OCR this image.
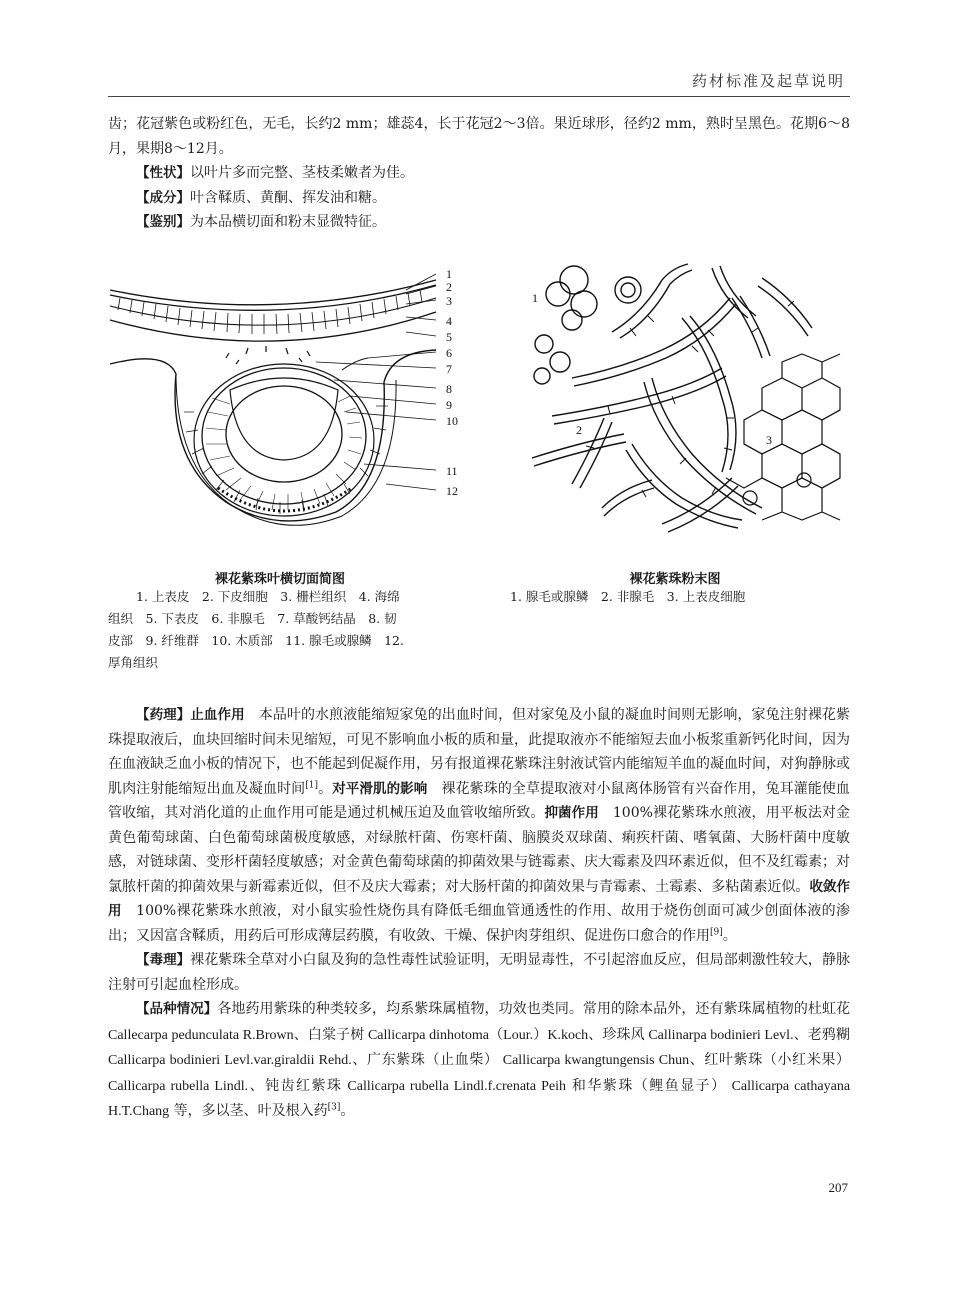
药材标准及起草说明

齿；花冠紫色或粉红色，无毛，长约2 mm；雄蕊4，长于花冠2～3倍。果近球形，径约2 mm，熟时呈黑色。花期6～8月，果期8～12月。

【性状】以叶片多而完整、茎枝柔嫩者为佳。

【成分】叶含鞣质、黄酮、挥发油和糖。

【鉴别】为本品横切面和粉末显微特征。

1
2
3
4
5
6
7
8
9
10
11
12
裸花紫珠叶横切面简图
1. 上表皮　2. 下皮细胞　3. 栅栏组织　4. 海绵
组织　5. 下表皮　6. 非腺毛　7. 草酸钙结晶　8. 韧
皮部　9. 纤维群　10. 木质部　11. 腺毛或腺鳞　12.
厚角组织
1
2
3
裸花紫珠粉末图
1. 腺毛或腺鳞　2. 非腺毛　3. 上表皮细胞

【药理】止血作用　本品叶的水煎液能缩短家兔的出血时间，但对家兔及小鼠的凝血时间则无影响，家兔注射裸花紫珠提取液后，血块回缩时间未见缩短，可见不影响血小板的质和量，此提取液亦不能缩短去血小板浆重新钙化时间，因为在血液缺乏血小板的情况下，也不能起到促凝作用，另有报道裸花紫珠注射液试管内能缩短羊血的凝血时间，对狗静脉或肌肉注射能缩短出血及凝血时间[1]。对平滑肌的影响　裸花紫珠的全草提取液对小鼠离体肠管有兴奋作用，兔耳灌能使血管收缩，其对消化道的止血作用可能是通过机械压迫及血管收缩所致。抑菌作用　100%裸花紫珠水煎液，用平板法对金黄色葡萄球菌、白色葡萄球菌极度敏感，对绿脓杆菌、伤寒杆菌、脑膜炎双球菌、痢疾杆菌、嗜氧菌、大肠杆菌中度敏感，对链球菌、变形杆菌轻度敏感；对金黄色葡萄球菌的抑菌效果与链霉素、庆大霉素及四环素近似，但不及红霉素；对氯脓杆菌的抑菌效果与新霉素近似，但不及庆大霉素；对大肠杆菌的抑菌效果与青霉素、土霉素、多粘菌素近似。收敛作用　100%裸花紫珠水煎液，对小鼠实验性烧伤具有降低毛细血管通透性的作用、故用于烧伤创面可减少创面体液的渗出；又因富含鞣质，用药后可形成薄层药膜，有收敛、干燥、保护肉芽组织、促进伤口愈合的作用[9]。

【毒理】裸花紫珠全草对小白鼠及狗的急性毒性试验证明，无明显毒性，不引起溶血反应，但局部刺激性较大，静脉注射可引起血栓形成。

【品种情况】各地药用紫珠的种类较多，均系紫珠属植物，功效也类同。常用的除本品外，还有紫珠属植物的杜虹花 Callecarpa pedunculata R.Brown、白棠子树 Callicarpa dinhotoma（Lour.）K.koch、珍珠风 Callinarpa bodinieri Levl.、老鸦糊 Callicarpa bodinieri Levl.var.giraldii Rehd.、广东紫珠（止血柴） Callicarpa kwangtungensis Chun、红叶紫珠（小红米果） Callicarpa rubella Lindl.、钝齿红紫珠 Callicarpa rubella Lindl.f.crenata Peih 和华紫珠（鲤鱼显子） Callicarpa cathayana H.T.Chang 等，多以茎、叶及根入药[3]。

207
